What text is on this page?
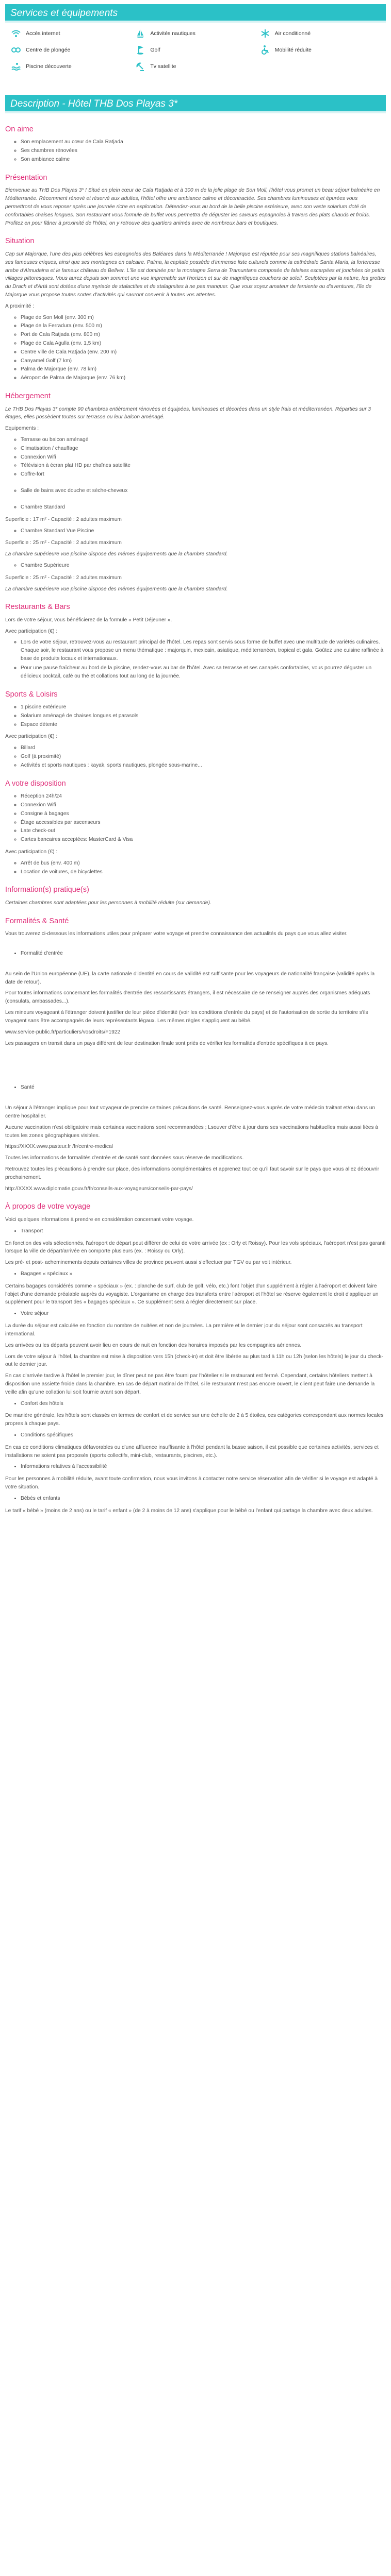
Services et équipements
Accès internet	Activités nautiques	Air conditionné
Centre de plongée	Golf	Mobilité réduite
Piscine découverte	Tv satellite
Description - Hôtel THB Dos Playas 3*
On aime
◦ Son emplacement au cœur de Cala Ratjada
◦ Ses chambres rénovées
◦ Son ambiance calme
Présentation

Bienvenue au THB Dos Playas 3* ! Situé en plein cœur de Cala Ratjada et à 300 m de la jolie plage de Son Moll, l'hôtel vous promet un beau séjour balnéaire en Méditerranée. Récemment rénové et réservé aux adultes, l'hôtel offre une ambiance calme et décontractée. Ses chambres lumineuses et épurées vous permettront de vous reposer après une journée riche en exploration. Détendez-vous au bord de la belle piscine extérieure, avec son vaste solarium doté de confortables chaises longues. Son restaurant vous formule de buffet vous permettra de déguster les saveurs espagnoles à travers des plats chauds et froids. Profitez en pour flâner à proximité de l'hôtel, on y retrouve des quartiers animés avec de nombreux bars et boutiques.

Situation

Cap sur Majorque, l'une des plus célèbres îles espagnoles des Baléares dans la Méditerranée ! Majorque est réputée pour ses magnifiques stations balnéaires, ses fameuses criques, ainsi que ses montagnes en calcaire. Palma, la capitale possède d'immense liste culturels comme la cathédrale Santa Maria, la forteresse arabe d'Almudaina et le fameux château de Bellver. L'île est dominée par la montagne Serra de Tramuntana composée de falaises escarpées et jonchées de petits villages pittoresques. Vous aurez depuis son sommet une vue imprenable sur l'horizon et sur de magnifiques couchers de soleil. Sculptées par la nature, les grottes du Drach et d'Artà sont dotées d'une myriade de stalactites et de stalagmites à ne pas manquer. Que vous soyez amateur de farniente ou d'aventures, l'île de Majorque vous propose toutes sortes d'activités qui sauront convenir à toutes vos attentes.

A proximité :

◦ Plage de Son Moll (env. 300 m)
◦ Plage de la Ferradura (env. 500 m)
◦ Port de Cala Ratjada (env. 800 m)
◦ Plage de Cala Agulla (env. 1,5 km)
◦ Centre ville de Cala Ratjada (env. 200 m)
◦ Canyamel Golf (7 km)
◦ Palma de Majorque (env. 78 km)
◦ Aéroport de Palma de Majorque (env. 76 km)
Hébergement

Le THB Dos Playas 3* compte 90 chambres entièrement rénovées et équipées, lumineuses et décorées dans un style frais et méditerranéen. Réparties sur 3 étages, elles possèdent toutes sur terrasse ou leur balcon aménagé.

Equipements :

◦ Terrasse ou balcon aménagé
◦ Climatisation / chauffage
◦ Connexion Wifi
◦ Télévision à écran plat HD par chaînes satellite
◦ Coffre-fort
◦ Salle de bains avec douche et sèche-cheveux
◦ Chambre Standard

Superficie : 17 m² - Capacité : 2 adultes maximum

◦ Chambre Standard Vue Piscine

Superficie : 25 m² - Capacité : 2 adultes maximum

La chambre supérieure vue piscine dispose des mêmes équipements que la chambre standard.

◦ Chambre Supérieure

Superficie : 25 m² - Capacité : 2 adultes maximum

La chambre supérieure vue piscine dispose des mêmes équipements que la chambre standard.

Restaurants & Bars

Lors de votre séjour, vous bénéficierez de la formule « Petit Déjeuner ».

Avec participation (€) :

◦ Lors de votre séjour, retrouvez-vous au restaurant principal de l'hôtel. Les repas sont servis sous forme de buffet avec une multitude de variétés culinaires. Chaque soir, le restaurant vous propose un menu thématique : majorquin, mexicain, asiatique, méditerranéen, tropical et gala. Goûtez une cuisine raffinée à base de produits locaux et internationaux.
◦ Pour une pause fraîcheur au bord de la piscine, rendez-vous au bar de l'hôtel. Avec sa terrasse et ses canapés confortables, vous pourrez déguster un délicieux cocktail, café ou thé et collations tout au long de la journée.
Sports & Loisirs
◦ 1 piscine extérieure
◦ Solarium aménagé de chaises longues et parasols
◦ Espace détente

Avec participation (€) :

◦ Billard
◦ Golf (à proximité)
◦ Activités et sports nautiques : kayak, sports nautiques, plongée sous-marine...
A votre disposition
◦ Réception 24h/24
◦ Connexion Wifi
◦ Consigne à bagages
◦ Étage accessibles par ascenseurs
◦ Late check-out
◦ Cartes bancaires acceptées: MasterCard & Visa

Avec participation (€) :

◦ Arrêt de bus (env. 400 m)
◦ Location de voitures, de bicyclettes
Information(s) pratique(s)

Certaines chambres sont adaptées pour les personnes à mobilité réduite (sur demande).

Formalités & Santé

Vous trouverez ci-dessous les informations utiles pour préparer votre voyage et prendre connaissance des actualités du pays que vous allez visiter.

• Formalité d'entrée

Au sein de l'Union européenne (UE), la carte nationale d'identité en cours de validité est suffisante pour les voyageurs de nationalité française (validité après la date de retour).

Pour toutes informations concernant les formalités d'entrée des ressortissants étrangers, il est nécessaire de se renseigner auprès des organismes adéquats (consulats, ambassades...).

Les mineurs voyageant à l'étranger doivent justifier de leur pièce d'identité (voir les conditions d'entrée du pays) et de l'autorisation de sortie du territoire s'ils voyagent sans être accompagnés de leurs représentants légaux. Les mêmes règles s'appliquent au bébé.

www.service-public.fr/particuliers/vosdroits/F1922

Les passagers en transit dans un pays différent de leur destination finale sont priés de vérifier les formalités d'entrée spécifiques à ce pays.

• Santé

Un séjour à l'étranger implique pour tout voyageur de prendre certaines précautions de santé. Renseignez-vous auprès de votre médecin traitant et/ou dans un centre hospitalier.

Aucune vaccination n'est obligatoire mais certaines vaccinations sont recommandées ; Lsouver d'être à jour dans ses vaccinations habituelles mais aussi liées à toutes les zones géographiques visitées.

https://XXXX.www.pasteur.fr /fr/centre-medical

Toutes les informations de formalités d'entrée et de santé sont données sous réserve de modifications.

Retrouvez toutes les précautions à prendre sur place, des informations complémentaires et apprenez tout ce qu'il faut savoir sur le pays que vous allez découvrir prochainement.

http://XXXX.www.diplomatie.gouv.fr/fr/conseils-aux-voyageurs/conseils-par-pays/

À propos de votre voyage

Voici quelques informations à prendre en considération concernant votre voyage.

• Transport

En fonction des vols sélectionnés, l'aéroport de départ peut différer de celui de votre arrivée (ex : Orly et Roissy). Pour les vols spéciaux, l'aéroport n'est pas garanti lorsque la ville de départ/arrivée en comporte plusieurs (ex. : Roissy ou Orly).

Les pré- et post- acheminements depuis certaines villes de province peuvent aussi s'effectuer par TGV ou par voit intérieur.

• Bagages « spéciaux »

Certains bagages considérés comme « spéciaux » (ex. : planche de surf, club de golf, vélo, etc.) font l'objet d'un supplément à régler à l'aéroport et doivent faire l'objet d'une demande préalable auprès du voyagiste. L'organisme en charge des transferts entre l'aéroport et l'hôtel se réserve également le droit d'appliquer un supplément pour le transport des « bagages spéciaux ». Ce supplément sera à régler directement sur place.

• Votre séjour

La durée du séjour est calculée en fonction du nombre de nuitées et non de journées. La première et le dernier jour du séjour sont consacrés au transport international.

Les arrivées ou les départs peuvent avoir lieu en cours de nuit en fonction des horaires imposés par les compagnies aériennes.

Lors de votre séjour à l'hôtel, la chambre est mise à disposition vers 15h (check-in) et doit être libérée au plus tard à 11h ou 12h (selon les hôtels) le jour du check-out le dernier jour.

En cas d'arrivée tardive à l'hôtel le premier jour, le dîner peut ne pas être fourni par l'hôtelier si le restaurant est fermé. Cependant, certains hôteliers mettent à disposition une assiette froide dans la chambre. En cas de départ matinal de l'hôtel, si le restaurant n'est pas encore ouvert, le client peut faire une demande la veille afin qu'une collation lui soit fournie avant son départ.

• Confort des hôtels

De manière générale, les hôtels sont classés en termes de confort et de service sur une échelle de 2 à 5 étoiles, ces catégories correspondant aux normes locales propres à chaque pays.

• Conditions spécifiques

En cas de conditions climatiques défavorables ou d'une affluence insuffisante à l'hôtel pendant la basse saison, il est possible que certaines activités, services et installations ne soient pas proposés (sports collectifs, mini-club, restaurants, piscines, etc.).

• Informations relatives à l'accessibilité

Pour les personnes à mobilité réduite, avant toute confirmation, nous vous invitons à contacter notre service réservation afin de vérifier si le voyage est adapté à votre situation.

• Bébés et enfants

Le tarif « bébé » (moins de 2 ans) ou le tarif « enfant » (de 2 à moins de 12 ans) s'applique pour le bébé ou l'enfant qui partage la chambre avec deux adultes.
